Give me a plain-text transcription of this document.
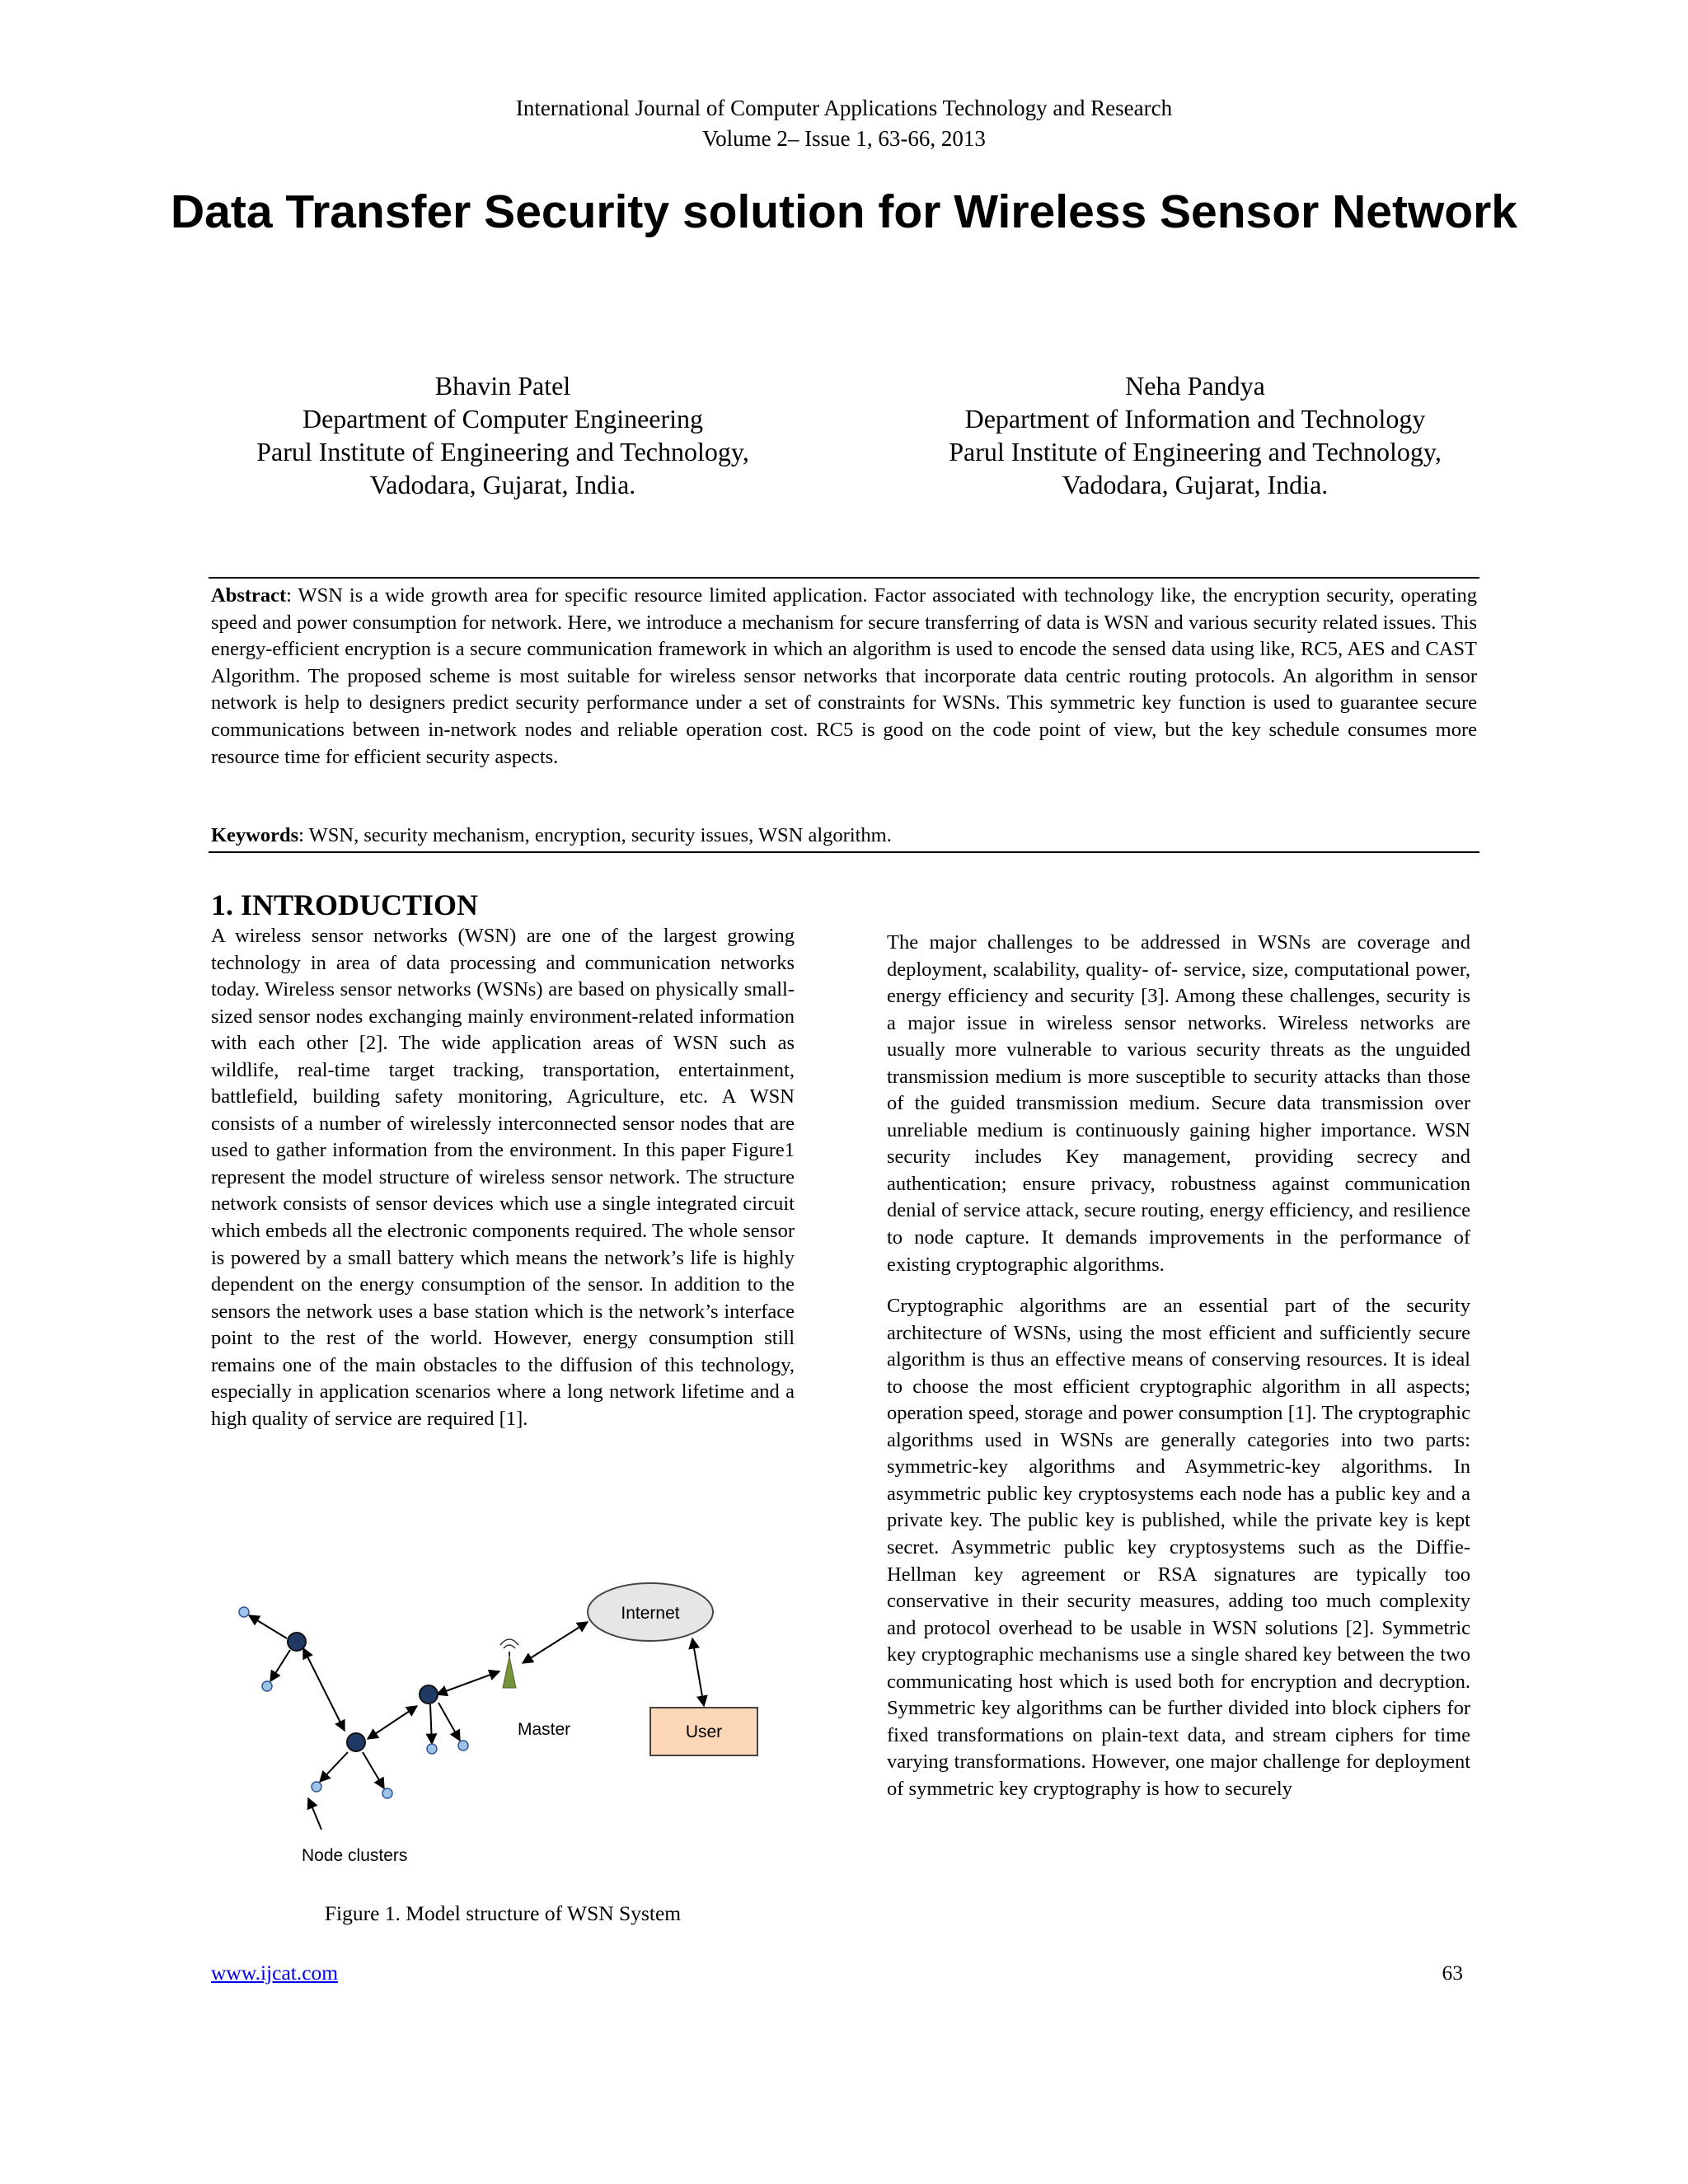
International Journal of Computer Applications Technology and Research
Volume 2– Issue 1, 63-66, 2013
Data Transfer Security solution for Wireless Sensor Network
Bhavin Patel
Department of Computer Engineering
Parul Institute of Engineering and Technology,
Vadodara, Gujarat, India.
Neha Pandya
Department of Information and Technology
Parul Institute of Engineering and Technology,
Vadodara, Gujarat, India.
Abstract: WSN is a wide growth area for specific resource limited application. Factor associated with technology like, the encryption security, operating speed and power consumption for network. Here, we introduce a mechanism for secure transferring of data is WSN and various security related issues. This energy-efficient encryption is a secure communication framework in which an algorithm is used to encode the sensed data using like, RC5, AES and CAST Algorithm. The proposed scheme is most suitable for wireless sensor networks that incorporate data centric routing protocols. An algorithm in sensor network is help to designers predict security performance under a set of constraints for WSNs. This symmetric key function is used to guarantee secure communications between in-network nodes and reliable operation cost. RC5 is good on the code point of view, but the key schedule consumes more resource time for efficient security aspects.
Keywords: WSN, security mechanism, encryption, security issues, WSN algorithm.
1. INTRODUCTION

A wireless sensor networks (WSN) are one of the largest growing technology in area of data processing and communication networks today. Wireless sensor networks (WSNs) are based on physically small-sized sensor nodes exchanging mainly environment-related information with each other [2]. The wide application areas of WSN such as wildlife, real-time target tracking, transportation, entertainment, battlefield, building safety monitoring, Agriculture, etc. A WSN consists of a number of wirelessly interconnected sensor nodes that are used to gather information from the environment. In this paper Figure1 represent the model structure of wireless sensor network. The structure network consists of sensor devices which use a single integrated circuit which embeds all the electronic components required. The whole sensor is powered by a small battery which means the network’s life is highly dependent on the energy consumption of the sensor. In addition to the sensors the network uses a base station which is the network’s interface point to the rest of the world. However, energy consumption still remains one of the main obstacles to the diffusion of this technology, especially in application scenarios where a long network lifetime and a high quality of service are required [1].

Internet
User
Master
Node clusters
Figure 1. Model structure of WSN System

The major challenges to be addressed in WSNs are coverage and deployment, scalability, quality- of- service, size, computational power, energy efficiency and security [3]. Among these challenges, security is a major issue in wireless sensor networks. Wireless networks are usually more vulnerable to various security threats as the unguided transmission medium is more susceptible to security attacks than those of the guided transmission medium. Secure data transmission over unreliable medium is continuously gaining higher importance. WSN security includes Key management, providing secrecy and authentication; ensure privacy, robustness against communication denial of service attack, secure routing, energy efficiency, and resilience to node capture. It demands improvements in the performance of existing cryptographic algorithms.

Cryptographic algorithms are an essential part of the security architecture of WSNs, using the most efficient and sufficiently secure algorithm is thus an effective means of conserving resources. It is ideal to choose the most efficient cryptographic algorithm in all aspects; operation speed, storage and power consumption [1]. The cryptographic algorithms used in WSNs are generally categories into two parts: symmetric-key algorithms and Asymmetric-key algorithms. In asymmetric public key cryptosystems each node has a public key and a private key. The public key is published, while the private key is kept secret. Asymmetric public key cryptosystems such as the Diffie-Hellman key agreement or RSA signatures are typically too conservative in their security measures, adding too much complexity and protocol overhead to be usable in WSN solutions [2]. Symmetric key cryptographic mechanisms use a single shared key between the two communicating host which is used both for encryption and decryption. Symmetric key algorithms can be further divided into block ciphers for fixed transformations on plain-text data, and stream ciphers for time varying transformations. However, one major challenge for deployment of symmetric key cryptography is how to securely

www.ijcat.com	63
